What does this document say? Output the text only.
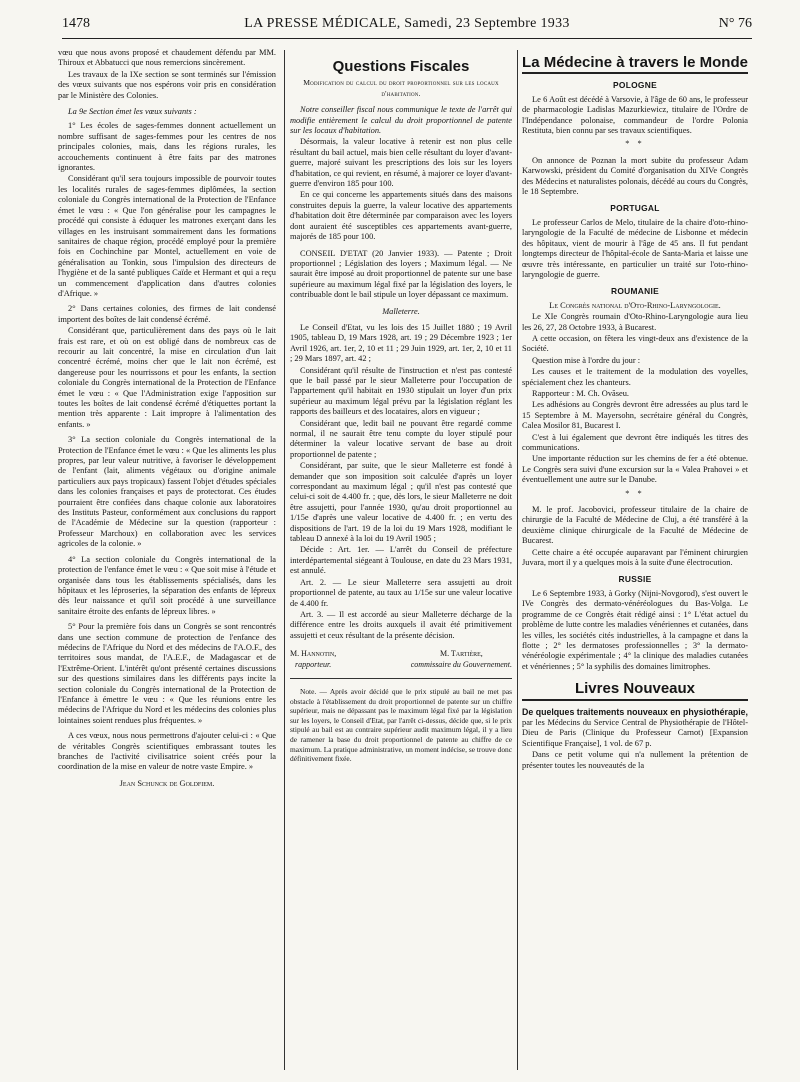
1478	LA PRESSE MÉDICALE, Samedi, 23 Septembre 1933	N° 76

vœu que nous avons proposé et chaudement défendu par MM. Thiroux et Abbatucci que nous remercions sincèrement.

Les travaux de la IXe section se sont terminés sur l'émission des vœux suivants que nos espérons voir pris en considération par le Ministère des Colonies.

La 9e Section émet les vœux suivants :

1° Les écoles de sages-femmes donnent actuellement un nombre suffisant de sages-femmes pour les centres de nos principales colonies, mais, dans les régions rurales, les accouchements continuent à être faits par des matrones ignorantes.

Considérant qu'il sera toujours impossible de pourvoir toutes les localités rurales de sages-femmes diplômées, la section coloniale du Congrès international de la Protection de l'Enfance émet le vœu : « Que l'on généralise pour les campagnes le procédé qui consiste à éduquer les matrones exerçant dans les villages en les instruisant sommairement dans les formations sanitaires de chaque région, procédé employé pour la première fois en Cochinchine par Montel, actuellement en voie de généralisation au Tonkin, sous l'impulsion des directeurs de l'hygiène et de la santé publiques Caïde et Hermant et qui a reçu un commencement d'application dans d'autres colonies d'Afrique. »

2° Dans certaines colonies, des firmes de lait condensé importent des boîtes de lait condensé écrémé.

Considérant que, particulièrement dans des pays où le lait frais est rare, et où on est obligé dans de nombreux cas de recourir au lait concentré, la mise en circulation d'un lait concentré écrémé, moins cher que le lait non écrémé, est dangereuse pour les nourrissons et pour les enfants, la section coloniale du Congrès international de la Protection de l'Enfance émet le vœu : « Que l'Administration exige l'apposition sur toutes les boîtes de lait condensé écrémé d'étiquettes portant la mention très apparente : Lait impropre à l'alimentation des enfants. »

3° La section coloniale du Congrès international de la Protection de l'Enfance émet le vœu : « Que les aliments les plus propres, par leur valeur nutritive, à favoriser le développement de l'enfant (lait, aliments végétaux ou d'origine animale particuliers aux pays tropicaux) fassent l'objet d'études spéciales dans les colonies françaises et pays de protectorat. Ces études pourraient être confiées dans chaque colonie aux laboratoires des Instituts Pasteur, conformément aux conclusions du rapport de l'Académie de Médecine sur la question (rapporteur : Professeur Marchoux) en collaboration avec les services agricoles de la colonie. »

4° La section coloniale du Congrès international de la protection de l'enfance émet le vœu : « Que soit mise à l'étude et organisée dans tous les établissements spécialisés, dans les hôpitaux et les léproseries, la séparation des enfants de lépreux dès leur naissance et qu'il soit procédé à une surveillance sanitaire étroite des enfants de lépreux libres. »

5° Pour la première fois dans un Congrès se sont rencontrés dans une section commune de protection de l'enfance des médecins de l'Afrique du Nord et des médecins de l'A.O.F., des territoires sous mandat, de l'A.E.F., de Madagascar et de l'Extrême-Orient. L'intérêt qu'ont présenté certaines discussions sur des questions similaires dans les différents pays incite la section coloniale du Congrès international de la Protection de l'Enfance à émettre le vœu : « Que les réunions entre les médecins de l'Afrique du Nord et les médecins des colonies plus lointaines soient rendues plus fréquentes. »

A ces vœux, nous nous permettrons d'ajouter celui-ci : « Que de véritables Congrès scientifiques embrassant toutes les branches de l'activité civilisatrice soient créés pour la coordination de la mise en valeur de notre vaste Empire. »

Jean Schunck de Goldfiem.
Questions Fiscales
Modification du calcul du droit proportionnel sur les locaux d'habitation.

Notre conseiller fiscal nous communique le texte de l'arrêt qui modifie entièrement le calcul du droit proportionnel de patente sur les locaux d'habitation.

Désormais, la valeur locative à retenir est non plus celle résultant du bail actuel, mais bien celle résultant du loyer d'avant-guerre, majoré suivant les prescriptions des lois sur les loyers d'habitation, ce qui revient, en résumé, à majorer ce loyer d'avant-guerre d'environ 185 pour 100.

En ce qui concerne les appartements situés dans des maisons construites depuis la guerre, la valeur locative des appartements d'habitation doit être déterminée par comparaison avec les loyers dont auraient été susceptibles ces appartements avant-guerre, majorés de 185 pour 100.

CONSEIL D'ETAT (20 Janvier 1933). — Patente ; Droit proportionnel ; Législation des loyers ; Maximum légal. — Ne saurait être imposé au droit proportionnel de patente sur une base supérieure au maximum légal fixé par la législation des loyers, le contribuable dont le bail stipule un loyer dépassant ce maximum.

Malleterre.

Le Conseil d'Etat, vu les lois des 15 Juillet 1880 ; 19 Avril 1905, tableau D, 19 Mars 1928, art. 19 ; 29 Décembre 1923 ; 1er Avril 1926, art. 1er, 2, 10 et 11 ; 29 Juin 1929, art. 1er, 2, 10 et 11 ; 29 Mars 1897, art. 42 ;

Considérant qu'il résulte de l'instruction et n'est pas contesté que le bail passé par le sieur Malleterre pour l'occupation de l'appartement qu'il habitait en 1930 stipulait un loyer d'un prix supérieur au maximum légal prévu par la législation réglant les rapports des bailleurs et des locataires, alors en vigueur ;

Considérant que, ledit bail ne pouvant être regardé comme normal, il ne saurait être tenu compte du loyer stipulé pour déterminer la valeur locative servant de base au droit proportionnel de patente ;

Considérant, par suite, que le sieur Malleterre est fondé à demander que son imposition soit calculée d'après un loyer correspondant au maximum légal ; qu'il n'est pas contesté que celui-ci soit de 4.400 fr. ; que, dès lors, le sieur Malleterre ne doit être assujetti, pour l'année 1930, qu'au droit proportionnel au 1/15e d'après une valeur locative de 4.400 fr. ; en vertu des dispositions de l'art. 19 de la loi du 19 Mars 1928, modifiant le tableau D annexé à la loi du 19 Avril 1905 ;

Décide : Art. 1er. — L'arrêt du Conseil de préfecture interdépartemental siégeant à Toulouse, en date du 23 Mars 1931, est annulé.

Art. 2. — Le sieur Malleterre sera assujetti au droit proportionnel de patente, au taux au 1/15e sur une valeur locative de 4.400 fr.

Art. 3. — Il est accordé au sieur Malleterre décharge de la différence entre les droits auxquels il avait été primitivement assujetti et ceux résultant de la présente décision.

M. Hannotin,
rapporteur.
M. Tartière,
commissaire du Gouvernement.

Note. — Après avoir décidé que le prix stipulé au bail ne met pas obstacle à l'établissement du droit proportionnel de patente sur un chiffre supérieur, mais ne dépassant pas le maximum légal fixé par la législation sur les loyers, le Conseil d'Etat, par l'arrêt ci-dessus, décide que, si le prix stipulé au bail est au contraire supérieur audit maximum légal, il y a lieu de ramener la base du droit proportionnel de patente au chiffre de ce maximum. La pratique administrative, un moment indécise, se trouve donc définitivement fixée.

La Médecine à travers le Monde
POLOGNE

Le 6 Août est décédé à Varsovie, à l'âge de 60 ans, le professeur de pharmacologie Ladislas Mazurkiewicz, titulaire de l'Ordre de l'Indépendance polonaise, commandeur de l'ordre Polonia Restituta, bien connu par ses travaux scientifiques.

* *

On annonce de Poznan la mort subite du professeur Adam Karwowski, président du Comité d'organisation du XIVe Congrès des Médecins et naturalistes polonais, décédé au cours du Congrès, le 18 Septembre.

PORTUGAL

Le professeur Carlos de Melo, titulaire de la chaire d'oto-rhino-laryngologie de la Faculté de médecine de Lisbonne et médecin des hôpitaux, vient de mourir à l'âge de 45 ans. Il fut pendant longtemps directeur de l'hôpital-école de Santa-Maria et laisse une œuvre très intéressante, en particulier un traité sur l'oto-rhino-laryngologie de guerre.

ROUMANIE

Le Congrès national d'Oto-Rhino-Laryngologie.

Le XIe Congrès roumain d'Oto-Rhino-Laryngologie aura lieu les 26, 27, 28 Octobre 1933, à Bucarest.

A cette occasion, on fêtera les vingt-deux ans d'existence de la Société.

Question mise à l'ordre du jour :

Les causes et le traitement de la modulation des voyelles, spécialement chez les chanteurs.

Rapporteur : M. Ch. Ovăseu.

Les adhésions au Congrès devront être adressées au plus tard le 15 Septembre à M. Mayersohn, secrétaire général du Congrès, Calea Mosilor 81, Bucarest I.

C'est à lui également que devront être indiqués les titres des communications.

Une importante réduction sur les chemins de fer a été obtenue. Le Congrès sera suivi d'une excursion sur la « Valea Prahovei » et éventuellement une autre sur le Danube.

* *

M. le prof. Jacobovici, professeur titulaire de la chaire de chirurgie de la Faculté de Médecine de Cluj, a été transféré à la deuxième clinique chirurgicale de la Faculté de Médecine de Bucarest.

Cette chaire a été occupée auparavant par l'éminent chirurgien Juvara, mort il y a quelques mois à la suite d'une électrocution.

RUSSIE

Le 6 Septembre 1933, à Gorky (Nijni-Novgorod), s'est ouvert le IVe Congrès des dermato-vénéréologues du Bas-Volga. Le programme de ce Congrès était rédigé ainsi : 1° L'état actuel du problème de lutte contre les maladies vénériennes et cutanées, dans les villes, les sociétés cités industrielles, à la campagne et dans la flotte ; 2° les dermatoses professionnelles ; 3° la dermato-vénéréologie expérimentale ; 4° la clinique des maladies cutanées et vénériennes ; 5° la syphilis des domaines limitrophes.

Livres Nouveaux

De quelques traitements nouveaux en physiothérapie, par les Médecins du Service Central de Physiothérapie de l'Hôtel-Dieu de Paris (Clinique du Professeur Carnot) [Expansion Scientifique Française], 1 vol. de 67 p.

Dans ce petit volume qui n'a nullement la prétention de présenter toutes les nouveautés de la
